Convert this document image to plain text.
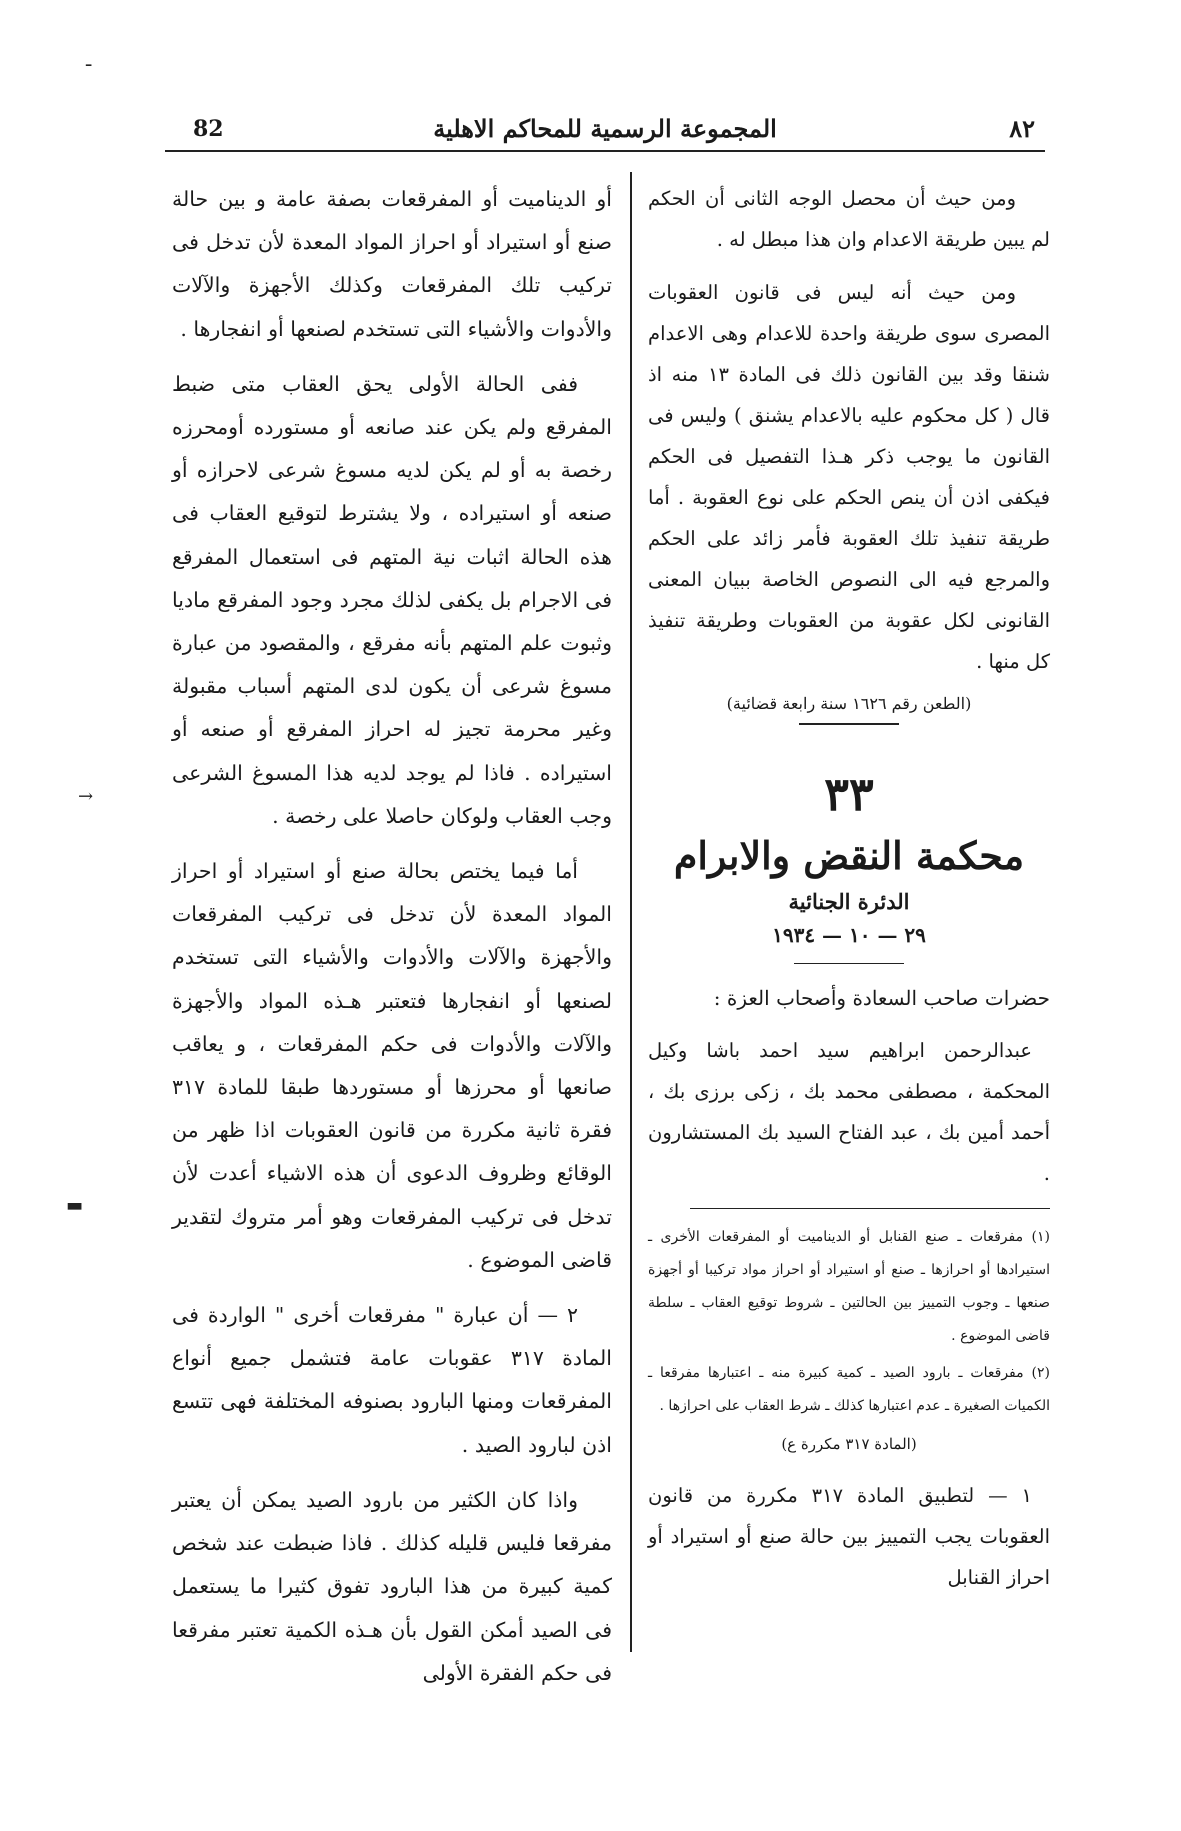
82	المجموعة الرسمية للمحاكم الاهلية	٨٢
ـ
→
▬

ومن حيث أن محصل الوجه الثانى أن الحكم لم يبين طريقة الاعدام وان هذا مبطل له .

ومن حيث أنه ليس فى قانون العقوبات المصرى سوى طريقة واحدة للاعدام وهى الاعدام شنقا وقد بين القانون ذلك فى المادة ١٣ منه اذ قال ( كل محكوم عليه بالاعدام يشنق ) وليس فى القانون ما يوجب ذكر هـذا التفصيل فى الحكم فيكفى اذن أن ينص الحكم على نوع العقوبة . أما طريقة تنفيذ تلك العقوبة فأمر زائد على الحكم والمرجع فيه الى النصوص الخاصة ببيان المعنى القانونى لكل عقوبة من العقوبات وطريقة تنفيذ كل منها .

(الطعن رقم ١٦٢٦ سنة رابعة قضائية)
٣٣
محكمة النقض والابرام
الدئرة الجنائية
٢٩ — ١٠ — ١٩٣٤
حضرات صاحب السعادة وأصحاب العزة :
عبدالرحمن ابراهيم سيد احمد باشا وكيل المحكمة ، مصطفى محمد بك ، زكى برزى بك ، أحمد أمين بك ، عبد الفتاح السيد بك المستشارون .
(١) مفرقعات ـ صنع القنابل أو الديناميت أو المفرقعات الأخرى ـ استيرادها أو احرازها ـ صنع أو استيراد أو احراز مواد تركيبا أو أجهزة صنعها ـ وجوب التمييز بين الحالتين ـ شروط توقيع العقاب ـ سلطة قاضى الموضوع .
(٢) مفرقعات ـ بارود الصيد ـ كمية كبيرة منه ـ اعتبارها مفرقعا ـ الكميات الصغيرة ـ عدم اعتبارها كذلك ـ شرط العقاب على احرازها .
(المادة ٣١٧ مكررة ع)
١ — لتطبيق المادة ٣١٧ مكررة من قانون العقوبات يجب التمييز بين حالة صنع أو استيراد أو احراز القنابل

أو الديناميت أو المفرقعات بصفة عامة و بين حالة صنع أو استيراد أو احراز المواد المعدة لأن تدخل فى تركيب تلك المفرقعات وكذلك الأجهزة والآلات والأدوات والأشياء التى تستخدم لصنعها أو انفجارها .

ففى الحالة الأولى يحق العقاب متى ضبط المفرقع ولم يكن عند صانعه أو مستورده أومحرزه رخصة به أو لم يكن لديه مسوغ شرعى لاحرازه أو صنعه أو استيراده ، ولا يشترط لتوقيع العقاب فى هذه الحالة اثبات نية المتهم فى استعمال المفرقع فى الاجرام بل يكفى لذلك مجرد وجود المفرقع ماديا وثبوت علم المتهم بأنه مفرقع ، والمقصود من عبارة مسوغ شرعى أن يكون لدى المتهم أسباب مقبولة وغير محرمة تجيز له احراز المفرقع أو صنعه أو استيراده . فاذا لم يوجد لديه هذا المسوغ الشرعى وجب العقاب ولوكان حاصلا على رخصة .

أما فيما يختص بحالة صنع أو استيراد أو احراز المواد المعدة لأن تدخل فى تركيب المفرقعات والأجهزة والآلات والأدوات والأشياء التى تستخدم لصنعها أو انفجارها فتعتبر هـذه المواد والأجهزة والآلات والأدوات فى حكم المفرقعات ، و يعاقب صانعها أو محرزها أو مستوردها طبقا للمادة ٣١٧ فقرة ثانية مكررة من قانون العقوبات اذا ظهر من الوقائع وظروف الدعوى أن هذه الاشياء أعدت لأن تدخل فى تركيب المفرقعات وهو أمر متروك لتقدير قاضى الموضوع .

٢ — أن عبارة " مفرقعات أخرى " الواردة فى المادة ٣١٧ عقوبات عامة فتشمل جميع أنواع المفرقعات ومنها البارود بصنوفه المختلفة فهى تتسع اذن لبارود الصيد .

واذا كان الكثير من بارود الصيد يمكن أن يعتبر مفرقعا فليس قليله كذلك . فاذا ضبطت عند شخص كمية كبيرة من هذا البارود تفوق كثيرا ما يستعمل فى الصيد أمكن القول بأن هـذه الكمية تعتبر مفرقعا فى حكم الفقرة الأولى
